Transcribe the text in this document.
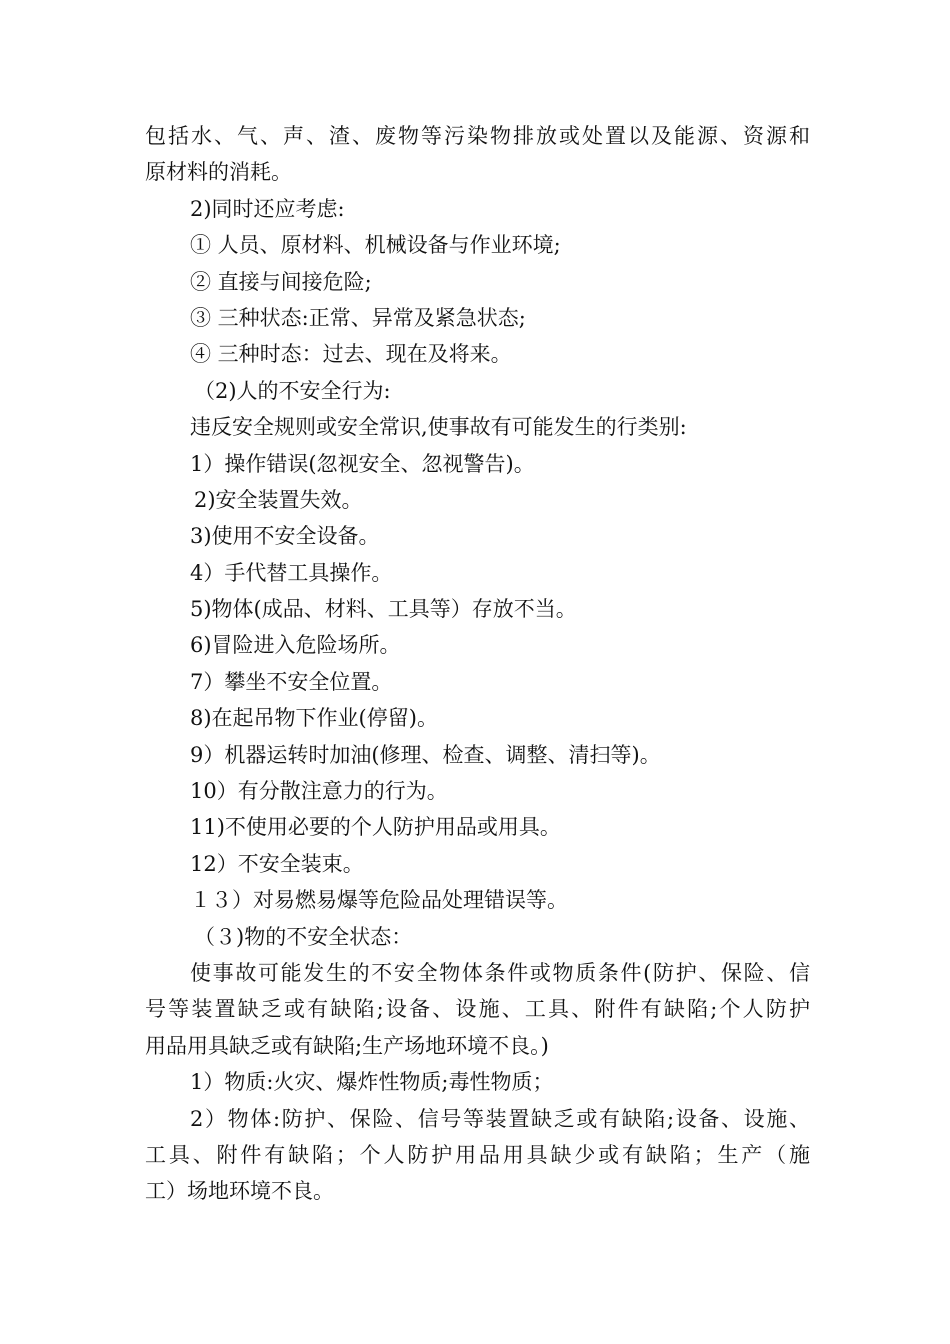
包括水、气、声、渣、废物等污染物排放或处置以及能源、资源和
原材料的消耗。
2)同时还应考虑:
① 人员、原材料、机械设备与作业环境;
② 直接与间接危险;
③ 三种状态:正常、异常及紧急状态;
④ 三种时态：过去、现在及将来。
（2)人的不安全行为:
违反安全规则或安全常识,使事故有可能发生的行类别:
1）操作错误(忽视安全、忽视警告)。
2)安全装置失效。
3)使用不安全设备。
4）手代替工具操作。
5)物体(成品、材料、工具等）存放不当。
6)冒险进入危险场所。
7）攀坐不安全位置。
8)在起吊物下作业(停留)。
9）机器运转时加油(修理、检查、调整、清扫等)。
10）有分散注意力的行为。
11)不使用必要的个人防护用品或用具。
12）不安全装束。
１３）对易燃易爆等危险品处理错误等。
（３)物的不安全状态：
使事故可能发生的不安全物体条件或物质条件(防护、保险、信
号等装置缺乏或有缺陷;设备、设施、工具、附件有缺陷;个人防护
用品用具缺乏或有缺陷;生产场地环境不良。)
1）物质:火灾、爆炸性物质;毒性物质；
2）物体:防护、保险、信号等装置缺乏或有缺陷;设备、设施、
工具、附件有缺陷；个人防护用品用具缺少或有缺陷；生产（施
工）场地环境不良。
